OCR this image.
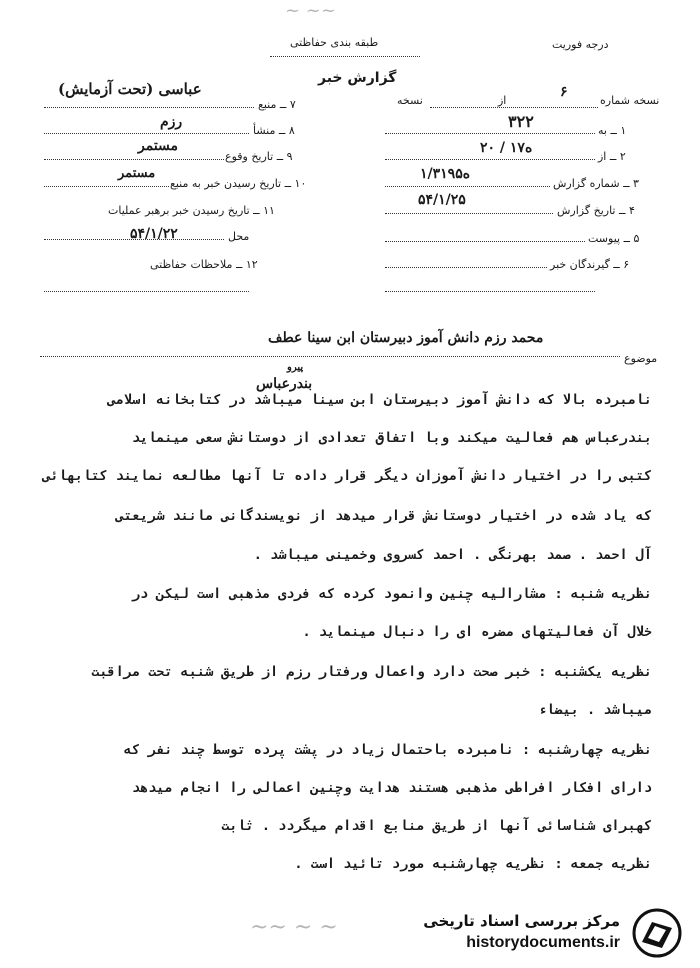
~ ~~
طبقه بندی حفاظتی	درجه فوریت
گزارش خبر
۷ ــ منبع
عباسی (تحت آزمایش)
۸ ــ منشأ
رزم
۹ ــ تاریخ وقوع
مستمر
۱۰ ــ تاریخ رسیدن خبر به منبع
مستمر
۱۱ ــ تاریخ رسیدن خبر برهبر عملیات
محل
۵۴/۱/۲۲
۱۲ ــ ملاحظات حفاظتی
نسخه شماره
از
نسخه
۶
۱ ــ به
۳۲۲
۲ ــ از
۲۰ / ه۱۷
۳ ــ شماره گزارش
ه۱/۳۱۹۵
۴ ــ تاریخ گزارش
۵۴/۱/۲۵
۵ ــ پیوست
۶ ــ گیرندگان خبر
موضوع
محمد رزم دانش آموز دبیرستان ابن سینا عطف
پیرو
بندرعباس
نامبرده بالا که دانش آموز دبیرستان ابن سینا میباشد در کتابخانه اسلامی
بندرعباس هم فعالیت میکند وبا اتفاق تعدادی از دوستانش سعی مینماید
کتبی را در اختیار دانش آموزان دیگر قرار داده تا آنها مطالعه نمایند کتابهائی
که یاد شده در اختیار دوستانش قرار میدهد از نویسندگانی مانند شریعتی
آل احمد . صمد بهرنگی . احمد کسروی وخمینی میباشد .
نظریه شنبه : مشارالیه چنین وانمود کرده که فردی مذهبی است لیکن در
خلال آن فعالیتهای مضره ای را دنبال مینماید .
نظریه یکشنبه : خبر صحت دارد واعمال ورفتار رزم از طریق شنبه تحت مراقبت
میباشد . بیضاء
نظریه چهارشنبه : نامبرده باحتمال زیاد در پشت پرده توسط چند نفر که
دارای افکار افراطی مذهبی هستند هدایت وچنین اعمالی را انجام میدهد
کهبرای شناسائی آنها از طریق منابع اقدام میگردد . ثابت
نظریه جمعه : نظریه چهارشنبه مورد تائید است .
~~ ~ ~	مرکز بررسی اسناد تاریخی
historydocuments.ir
